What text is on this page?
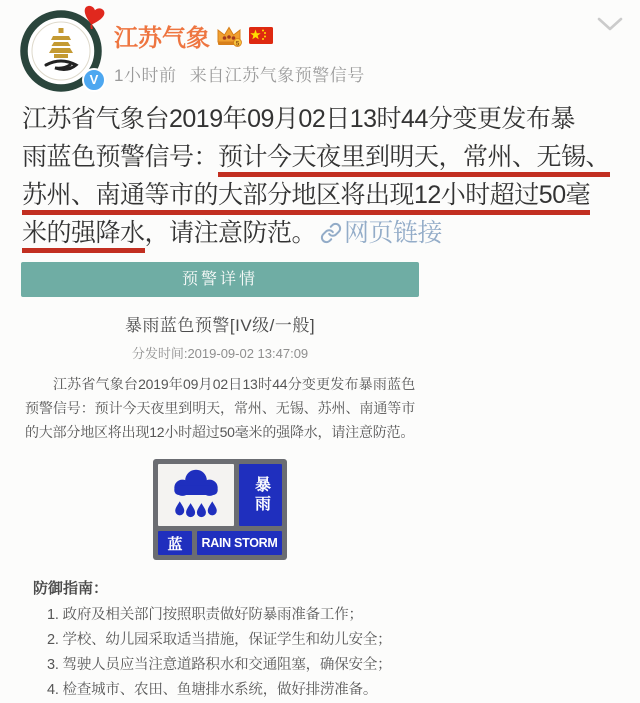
V
江苏气象	5
1小时前 来自江苏气象预警信号
江苏省气象台2019年09月02日13时44分变更发布暴
雨蓝色预警信号：预计今天夜里到明天，常州、无锡、
苏州、南通等市的大部分地区将出现12小时超过50毫
米的强降水，请注意防范。 网页链接
预警详情
暴雨蓝色预警[IV级/一般]
分发时间:2019-09-02 13:47:09

江苏省气象台2019年09月02日13时44分变更发布暴雨蓝色预警信号：预计今天夜里到明天，常州、无锡、苏州、南通等市的大部分地区将出现12小时超过50毫米的强降水，请注意防范。

暴雨
蓝 RAIN STORM
防御指南：
1. 政府及相关部门按照职责做好防暴雨准备工作；
2. 学校、幼儿园采取适当措施，保证学生和幼儿安全；
3. 驾驶人员应当注意道路积水和交通阻塞，确保安全；
4. 检查城市、农田、鱼塘排水系统，做好排涝准备。
